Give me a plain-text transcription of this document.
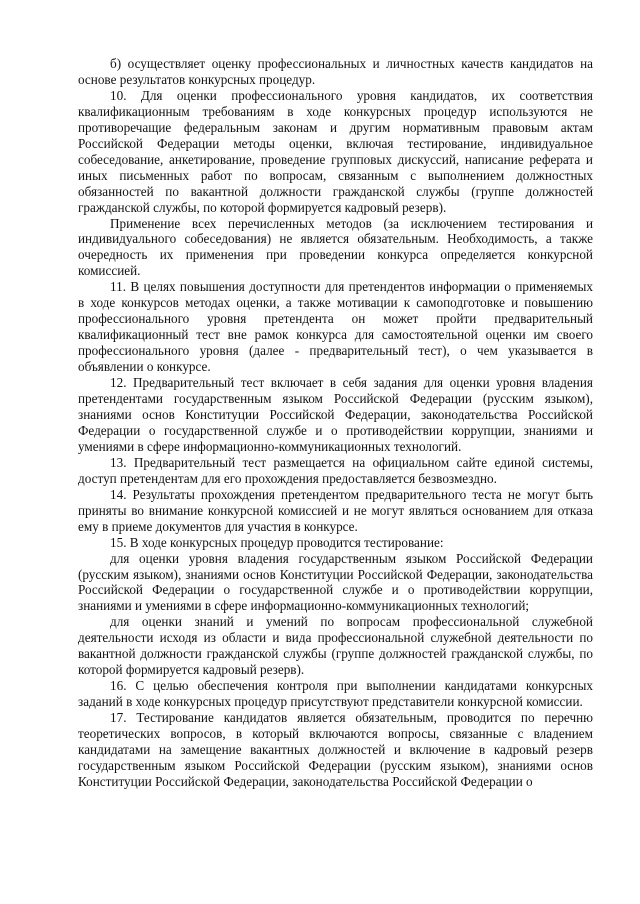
б) осуществляет оценку профессиональных и личностных качеств кандидатов на основе результатов конкурсных процедур.

10. Для оценки профессионального уровня кандидатов, их соответствия квалификационным требованиям в ходе конкурсных процедур используются не противоречащие федеральным законам и другим нормативным правовым актам Российской Федерации методы оценки, включая тестирование, индивидуальное собеседование, анкетирование, проведение групповых дискуссий, написание реферата и иных письменных работ по вопросам, связанным с выполнением должностных обязанностей по вакантной должности гражданской службы (группе должностей гражданской службы, по которой формируется кадровый резерв).

Применение всех перечисленных методов (за исключением тестирования и индивидуального собеседования) не является обязательным. Необходимость, а также очередность их применения при проведении конкурса определяется конкурсной комиссией.

11. В целях повышения доступности для претендентов информации о применяемых в ходе конкурсов методах оценки, а также мотивации к самоподготовке и повышению профессионального уровня претендента он может пройти предварительный квалификационный тест вне рамок конкурса для самостоятельной оценки им своего профессионального уровня (далее - предварительный тест), о чем указывается в объявлении о конкурсе.

12. Предварительный тест включает в себя задания для оценки уровня владения претендентами государственным языком Российской Федерации (русским языком), знаниями основ Конституции Российской Федерации, законодательства Российской Федерации о государственной службе и о противодействии коррупции, знаниями и умениями в сфере информационно-коммуникационных технологий.

13. Предварительный тест размещается на официальном сайте единой системы, доступ претендентам для его прохождения предоставляется безвозмездно.

14. Результаты прохождения претендентом предварительного теста не могут быть приняты во внимание конкурсной комиссией и не могут являться основанием для отказа ему в приеме документов для участия в конкурсе.

15. В ходе конкурсных процедур проводится тестирование:

для оценки уровня владения государственным языком Российской Федерации (русским языком), знаниями основ Конституции Российской Федерации, законодательства Российской Федерации о государственной службе и о противодействии коррупции, знаниями и умениями в сфере информационно-коммуникационных технологий;

для оценки знаний и умений по вопросам профессиональной служебной деятельности исходя из области и вида профессиональной служебной деятельности по вакантной должности гражданской службы (группе должностей гражданской службы, по которой формируется кадровый резерв).

16. С целью обеспечения контроля при выполнении кандидатами конкурсных заданий в ходе конкурсных процедур присутствуют представители конкурсной комиссии.

17. Тестирование кандидатов является обязательным, проводится по перечню теоретических вопросов, в который включаются вопросы, связанные с владением кандидатами на замещение вакантных должностей и включение в кадровый резерв государственным языком Российской Федерации (русским языком), знаниями основ Конституции Российской Федерации, законодательства Российской Федерации о
